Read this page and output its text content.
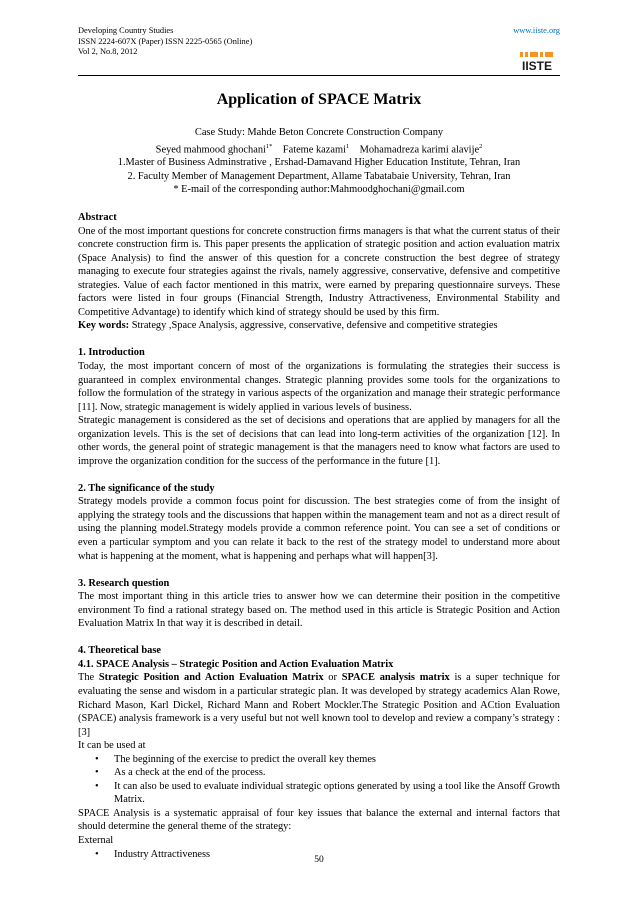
Developing Country Studies
ISSN 2224-607X (Paper) ISSN 2225-0565 (Online)
Vol 2, No.8, 2012
www.iiste.org
IISTE
Application of SPACE Matrix
Case Study: Mahde Beton Concrete Construction Company
Seyed mahmood ghochani$^{1*}$ Fateme kazami$^1$ Mohamadreza karimi alavije$^2$
1.Master of Business Adminstrative , Ershad-Damavand Higher Education Institute, Tehran, Iran
2. Faculty Member of Management Department, Allame Tabatabaie University, Tehran, Iran
* E-mail of the corresponding author:Mahmoodghochani@gmail.com

Abstract

One of the most important questions for concrete construction firms managers is that what the current status of their concrete construction firm is. This paper presents the application of strategic position and action evaluation matrix (Space Analysis) to find the answer of this question for a concrete construction the best degree of strategy managing to execute four strategies against the rivals, namely aggressive, conservative, defensive and competitive strategies. Value of each factor mentioned in this matrix, were earned by preparing questionnaire surveys. These factors were listed in four groups (Financial Strength, Industry Attractiveness, Environmental Stability and Competitive Advantage) to identify which kind of strategy should be used by this firm.

Key words: Strategy ,Space Analysis, aggressive, conservative, defensive and competitive strategies

1. Introduction

Today, the most important concern of most of the organizations is formulating the strategies their success is guaranteed in complex environmental changes. Strategic planning provides some tools for the organizations to follow the formulation of the strategy in various aspects of the organization and manage their strategic performance [11]. Now, strategic management is widely applied in various levels of business.

Strategic management is considered as the set of decisions and operations that are applied by managers for all the organization levels. This is the set of decisions that can lead into long-term activities of the organization [12]. In other words, the general point of strategic management is that the managers need to know what factors are used to improve the organization condition for the success of the performance in the future [1].

2. The significance of the study

Strategy models provide a common focus point for discussion. The best strategies come of from the insight of applying the strategy tools and the discussions that happen within the management team and not as a direct result of using the planning model.Strategy models provide a common reference point. You can see a set of conditions or even a particular symptom and you can relate it back to the rest of the strategy model to understand more about what is happening at the moment, what is happening and perhaps what will happen[3].

3. Research question

The most important thing in this article tries to answer how we can determine their position in the competitive environment To find a rational strategy based on. The method used in this article is Strategic Position and Action Evaluation Matrix In that way it is described in detail.

4. Theoretical base

4.1. SPACE Analysis – Strategic Position and Action Evaluation Matrix

The Strategic Position and Action Evaluation Matrix or SPACE analysis matrix is a super technique for evaluating the sense and wisdom in a particular strategic plan. It was developed by strategy academics Alan Rowe, Richard Mason, Karl Dickel, Richard Mann and Robert Mockler.The Strategic Position and ACtion Evaluation (SPACE) analysis framework is a very useful but not well known tool to develop and review a company’s strategy : [3]

It can be used at

• The beginning of the exercise to predict the overall key themes
• As a check at the end of the process.
• It can also be used to evaluate individual strategic options generated by using a tool like the Ansoff Growth Matrix.

SPACE Analysis is a systematic appraisal of four key issues that balance the external and internal factors that should determine the general theme of the strategy:

External

• Industry Attractiveness
50
